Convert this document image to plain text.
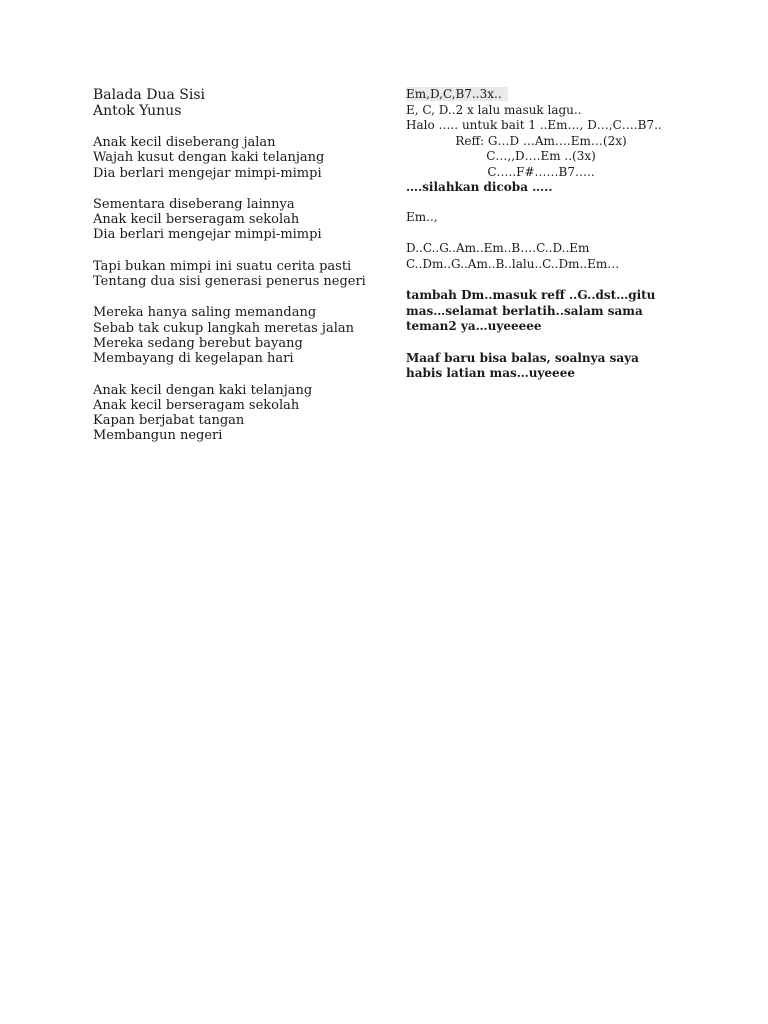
Balada Dua Sisi
Antok Yunus
Anak kecil diseberang jalan
Wajah kusut dengan kaki telanjang
Dia berlari mengejar mimpi-mimpi
Sementara diseberang lainnya
Anak kecil berseragam sekolah
Dia berlari mengejar mimpi-mimpi
Tapi bukan mimpi ini suatu cerita pasti
Tentang dua sisi generasi penerus negeri
Mereka hanya saling memandang
Sebab tak cukup langkah meretas jalan
Mereka sedang berebut bayang
Membayang di kegelapan hari
Anak kecil dengan kaki telanjang
Anak kecil berseragam sekolah
Kapan berjabat tangan
Membangun negeri
Em,D,C,B7..3x..
E, C, D..2 x lalu masuk lagu..
Halo ….. untuk bait 1 ..Em…, D…,C….B7..
Reff: G…D …Am….Em…(2x)
C…,,D….Em ..(3x)
C…..F#……B7…..
….silahkan dicoba …..
Em..,
D..C..G..Am..Em..B….C..D..Em
C..Dm..G..Am..B..lalu..C..Dm..Em…
tambah Dm..masuk reff ..G..dst…gitu mas…selamat berlatih..salam sama teman2 ya…uyeeeee
Maaf baru bisa balas, soalnya saya habis latian mas…uyeeee
